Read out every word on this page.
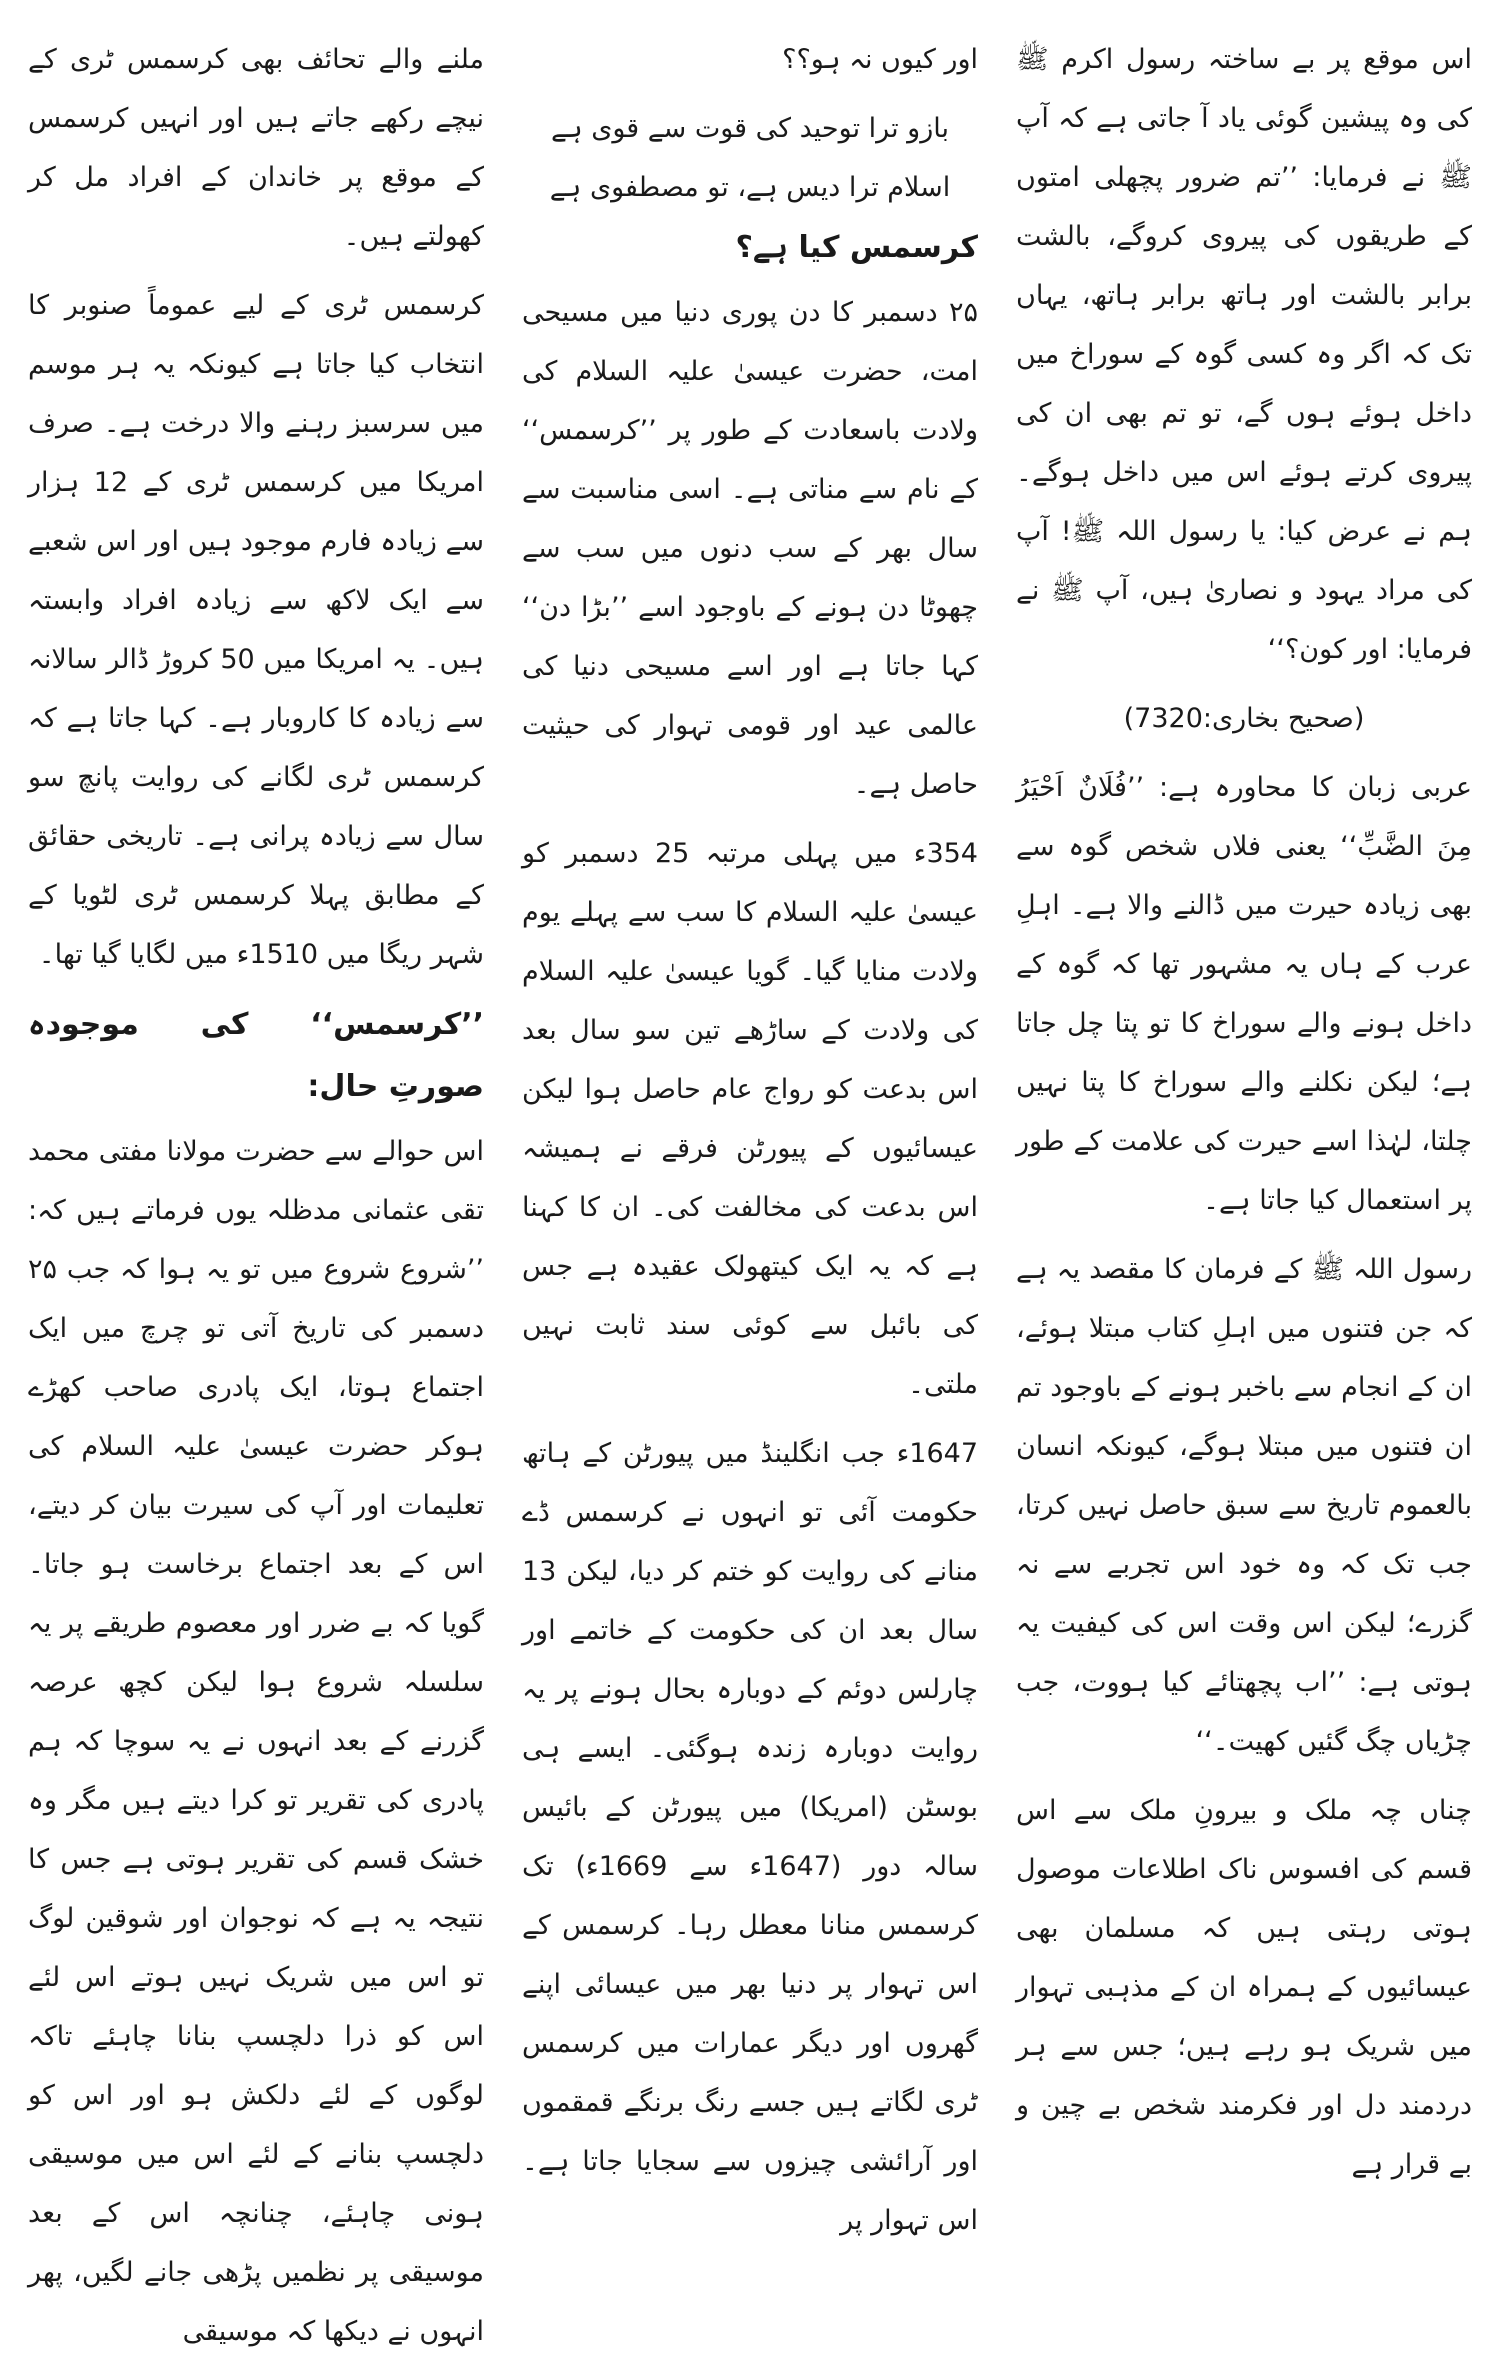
اس موقع پر بے ساختہ رسول اکرم ﷺ کی وہ پیشین گوئی یاد آ جاتی ہے کہ آپ ﷺ نے فرمایا: ’’تم ضرور پچھلی امتوں کے طریقوں کی پیروی کروگے، بالشت برابر بالشت اور ہاتھ برابر ہاتھ، یہاں تک کہ اگر وہ کسی گوہ کے سوراخ میں داخل ہوئے ہوں گے، تو تم بھی ان کی پیروی کرتے ہوئے اس میں داخل ہوگے۔ ہم نے عرض کیا: یا رسول اللہ ﷺ! آپ کی مراد یہود و نصاریٰ ہیں، آپ ﷺ نے فرمایا: اور کون؟‘‘

(صحیح بخاری:7320)

عربی زبان کا محاورہ ہے: ’’فُلَانٌ اَحْیَرُ مِنَ الضَّبِّ‘‘ یعنی فلاں شخص گوہ سے بھی زیادہ حیرت میں ڈالنے والا ہے۔ اہلِ عرب کے ہاں یہ مشہور تھا کہ گوہ کے داخل ہونے والے سوراخ کا تو پتا چل جاتا ہے؛ لیکن نکلنے والے سوراخ کا پتا نہیں چلتا، لہٰذا اسے حیرت کی علامت کے طور پر استعمال کیا جاتا ہے۔

رسول اللہ ﷺ کے فرمان کا مقصد یہ ہے کہ جن فتنوں میں اہلِ کتاب مبتلا ہوئے، ان کے انجام سے باخبر ہونے کے باوجود تم ان فتنوں میں مبتلا ہوگے، کیونکہ انسان بالعموم تاریخ سے سبق حاصل نہیں کرتا، جب تک کہ وہ خود اس تجربے سے نہ گزرے؛ لیکن اس وقت اس کی کیفیت یہ ہوتی ہے: ’’اب پچھتائے کیا ہووت، جب چڑیاں چگ گئیں کھیت۔‘‘

چناں چہ ملک و بیرونِ ملک سے اس قسم کی افسوس ناک اطلاعات موصول ہوتی رہتی ہیں کہ مسلمان بھی عیسائیوں کے ہمراہ ان کے مذہبی تہوار میں شریک ہو رہے ہیں؛ جس سے ہر دردمند دل اور فکرمند شخص بے چین و بے قرار ہے

اور کیوں نہ ہو؟؟

بازو ترا توحید کی قوت سے قوی ہے

اسلام ترا دیس ہے، تو مصطفوی ہے

کرسمس کیا ہے؟

۲۵ دسمبر کا دن پوری دنیا میں مسیحی امت، حضرت عیسیٰ علیہ السلام کی ولادت باسعادت کے طور پر ’’کرسمس‘‘ کے نام سے مناتی ہے۔ اسی مناسبت سے سال بھر کے سب دنوں میں سب سے چھوٹا دن ہونے کے باوجود اسے ’’بڑا دن‘‘ کہا جاتا ہے اور اسے مسیحی دنیا کی عالمی عید اور قومی تہوار کی حیثیت حاصل ہے۔

354ء میں پہلی مرتبہ 25 دسمبر کو عیسیٰ علیہ السلام کا سب سے پہلے یوم ولادت منایا گیا۔ گویا عیسیٰ علیہ السلام کی ولادت کے ساڑھے تین سو سال بعد اس بدعت کو رواج عام حاصل ہوا لیکن عیسائیوں کے پیورٹن فرقے نے ہمیشہ اس بدعت کی مخالفت کی۔ ان کا کہنا ہے کہ یہ ایک کیتھولک عقیدہ ہے جس کی بائبل سے کوئی سند ثابت نہیں ملتی۔

1647ء جب انگلینڈ میں پیورٹن کے ہاتھ حکومت آئی تو انہوں نے کرسمس ڈے منانے کی روایت کو ختم کر دیا، لیکن 13 سال بعد ان کی حکومت کے خاتمے اور چارلس دوئم کے دوبارہ بحال ہونے پر یہ روایت دوبارہ زندہ ہوگئی۔ ایسے ہی بوسٹن (امریکا) میں پیورٹن کے بائیس سالہ دور (1647ء سے 1669ء) تک کرسمس منانا معطل رہا۔ کرسمس کے اس تہوار پر دنیا بھر میں عیسائی اپنے گھروں اور دیگر عمارات میں کرسمس ٹری لگاتے ہیں جسے رنگ برنگے قمقموں اور آرائشی چیزوں سے سجایا جاتا ہے۔ اس تہوار پر

ملنے والے تحائف بھی کرسمس ٹری کے نیچے رکھے جاتے ہیں اور انہیں کرسمس کے موقع پر خاندان کے افراد مل کر کھولتے ہیں۔

کرسمس ٹری کے لیے عموماً صنوبر کا انتخاب کیا جاتا ہے کیونکہ یہ ہر موسم میں سرسبز رہنے والا درخت ہے۔ صرف امریکا میں کرسمس ٹری کے 12 ہزار سے زیادہ فارم موجود ہیں اور اس شعبے سے ایک لاکھ سے زیادہ افراد وابستہ ہیں۔ یہ امریکا میں 50 کروڑ ڈالر سالانہ سے زیادہ کا کاروبار ہے۔ کہا جاتا ہے کہ کرسمس ٹری لگانے کی روایت پانچ سو سال سے زیادہ پرانی ہے۔ تاریخی حقائق کے مطابق پہلا کرسمس ٹری لٹویا کے شہر ریگا میں 1510ء میں لگایا گیا تھا۔

’’کرسمس‘‘ کی موجودہ صورتِ حال:

اس حوالے سے حضرت مولانا مفتی محمد تقی عثمانی مدظلہ یوں فرماتے ہیں کہ: ’’شروع شروع میں تو یہ ہوا کہ جب ۲۵ دسمبر کی تاریخ آتی تو چرچ میں ایک اجتماع ہوتا، ایک پادری صاحب کھڑے ہوکر حضرت عیسیٰ علیہ السلام کی تعلیمات اور آپ کی سیرت بیان کر دیتے، اس کے بعد اجتماع برخاست ہو جاتا۔ گویا کہ بے ضرر اور معصوم طریقے پر یہ سلسلہ شروع ہوا لیکن کچھ عرصہ گزرنے کے بعد انہوں نے یہ سوچا کہ ہم پادری کی تقریر تو کرا دیتے ہیں مگر وہ خشک قسم کی تقریر ہوتی ہے جس کا نتیجہ یہ ہے کہ نوجوان اور شوقین لوگ تو اس میں شریک نہیں ہوتے اس لئے اس کو ذرا دلچسپ بنانا چاہئے تاکہ لوگوں کے لئے دلکش ہو اور اس کو دلچسپ بنانے کے لئے اس میں موسیقی ہونی چاہئے، چنانچہ اس کے بعد موسیقی پر نظمیں پڑھی جانے لگیں، پھر انہوں نے دیکھا کہ موسیقی
